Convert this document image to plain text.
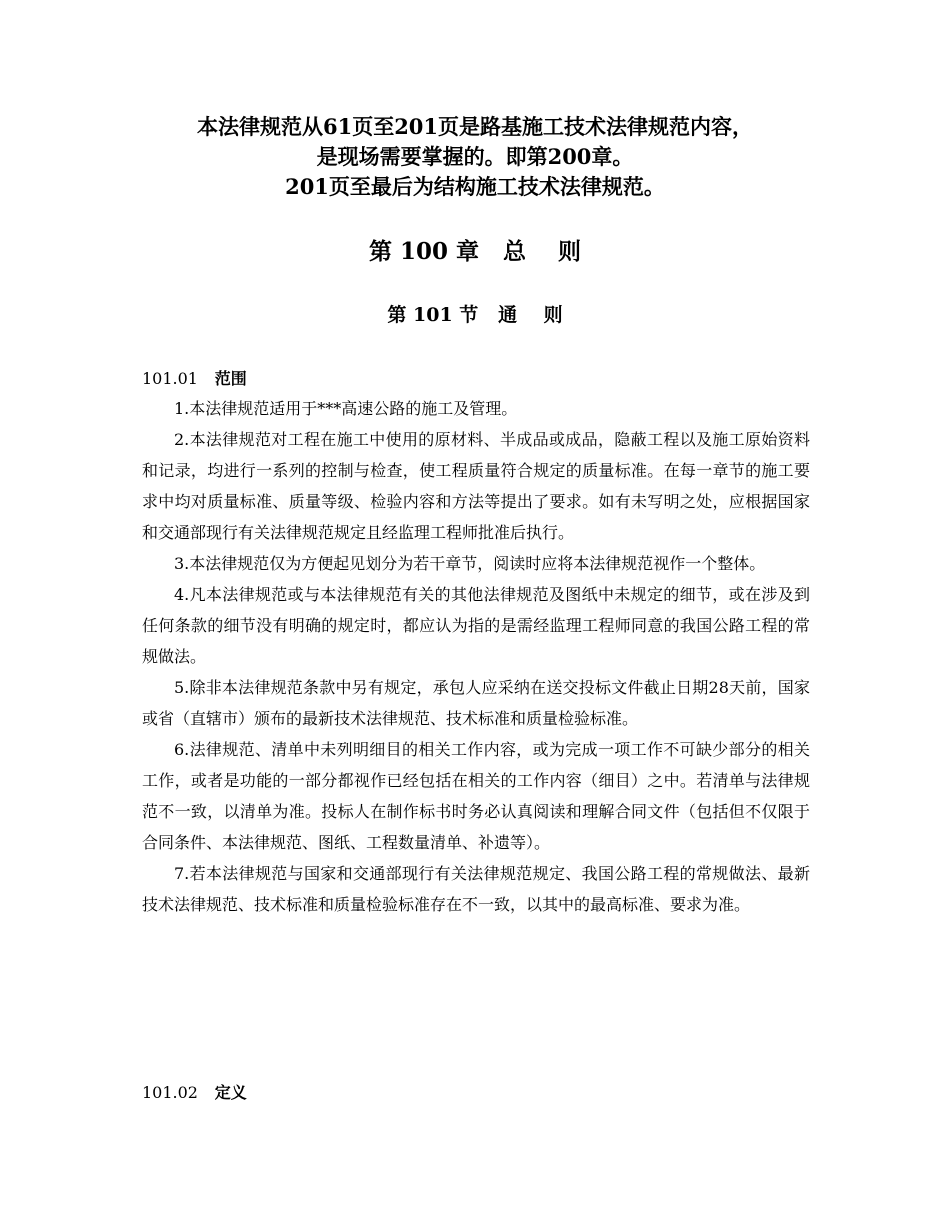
本法律规范从61页至201页是路基施工技术法律规范内容，
是现场需要掌握的。即第200章。
201页至最后为结构施工技术法律规范。
第 100 章   总    则
第 101 节   通    则
101.01 范围

1.本法律规范适用于***高速公路的施工及管理。

2.本法律规范对工程在施工中使用的原材料、半成品或成品，隐蔽工程以及施工原始资料和记录，均进行一系列的控制与检查，使工程质量符合规定的质量标准。在每一章节的施工要求中均对质量标准、质量等级、检验内容和方法等提出了要求。如有未写明之处，应根据国家和交通部现行有关法律规范规定且经监理工程师批准后执行。

3.本法律规范仅为方便起见划分为若干章节，阅读时应将本法律规范视作一个整体。

4.凡本法律规范或与本法律规范有关的其他法律规范及图纸中未规定的细节，或在涉及到任何条款的细节没有明确的规定时，都应认为指的是需经监理工程师同意的我国公路工程的常规做法。

5.除非本法律规范条款中另有规定，承包人应采纳在送交投标文件截止日期28天前，国家或省（直辖市）颁布的最新技术法律规范、技术标准和质量检验标准。

6.法律规范、清单中未列明细目的相关工作内容，或为完成一项工作不可缺少部分的相关工作，或者是功能的一部分都视作已经包括在相关的工作内容（细目）之中。若清单与法律规范不一致，以清单为准。投标人在制作标书时务必认真阅读和理解合同文件（包括但不仅限于合同条件、本法律规范、图纸、工程数量清单、补遗等）。

7.若本法律规范与国家和交通部现行有关法律规范规定、我国公路工程的常规做法、最新技术法律规范、技术标准和质量检验标准存在不一致，以其中的最高标准、要求为准。

101.02 定义
